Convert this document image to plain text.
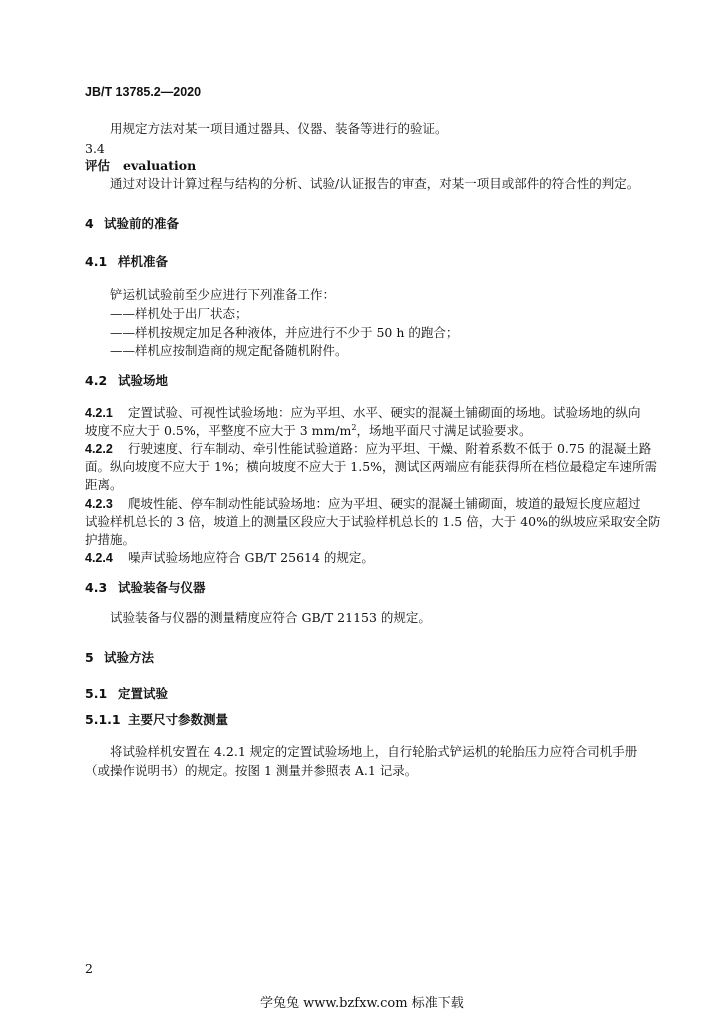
JB/T 13785.2—2020
用规定方法对某一项目通过器具、仪器、装备等进行的验证。
3.4
评估 evaluation
通过对设计计算过程与结构的分析、试验/认证报告的审查，对某一项目或部件的符合性的判定。
4 试验前的准备
4.1 样机准备
铲运机试验前至少应进行下列准备工作：
——样机处于出厂状态；
——样机按规定加足各种液体，并应进行不少于 50 h 的跑合；
——样机应按制造商的规定配备随机附件。
4.2 试验场地
4.2.1 定置试验、可视性试验场地：应为平坦、水平、硬实的混凝土铺砌面的场地。试验场地的纵向
坡度不应大于 0.5%，平整度不应大于 3 $mm/m^2$，场地平面尺寸满足试验要求。
4.2.2 行驶速度、行车制动、牵引性能试验道路：应为平坦、干燥、附着系数不低于 0.75 的混凝土路
面。纵向坡度不应大于 1%；横向坡度不应大于 1.5%，测试区两端应有能获得所在档位最稳定车速所需
距离。
4.2.3 爬坡性能、停车制动性能试验场地：应为平坦、硬实的混凝土铺砌面，坡道的最短长度应超过
试验样机总长的 3 倍，坡道上的测量区段应大于试验样机总长的 1.5 倍，大于 40%的纵坡应采取安全防
护措施。
4.2.4 噪声试验场地应符合 GB/T 25614 的规定。
4.3 试验装备与仪器
试验装备与仪器的测量精度应符合 GB/T 21153 的规定。
5 试验方法
5.1 定置试验
5.1.1 主要尺寸参数测量
将试验样机安置在 4.2.1 规定的定置试验场地上，自行轮胎式铲运机的轮胎压力应符合司机手册
（或操作说明书）的规定。按图 1 测量并参照表 A.1 记录。
2
学兔兔 www.bzfxw.com 标准下载
